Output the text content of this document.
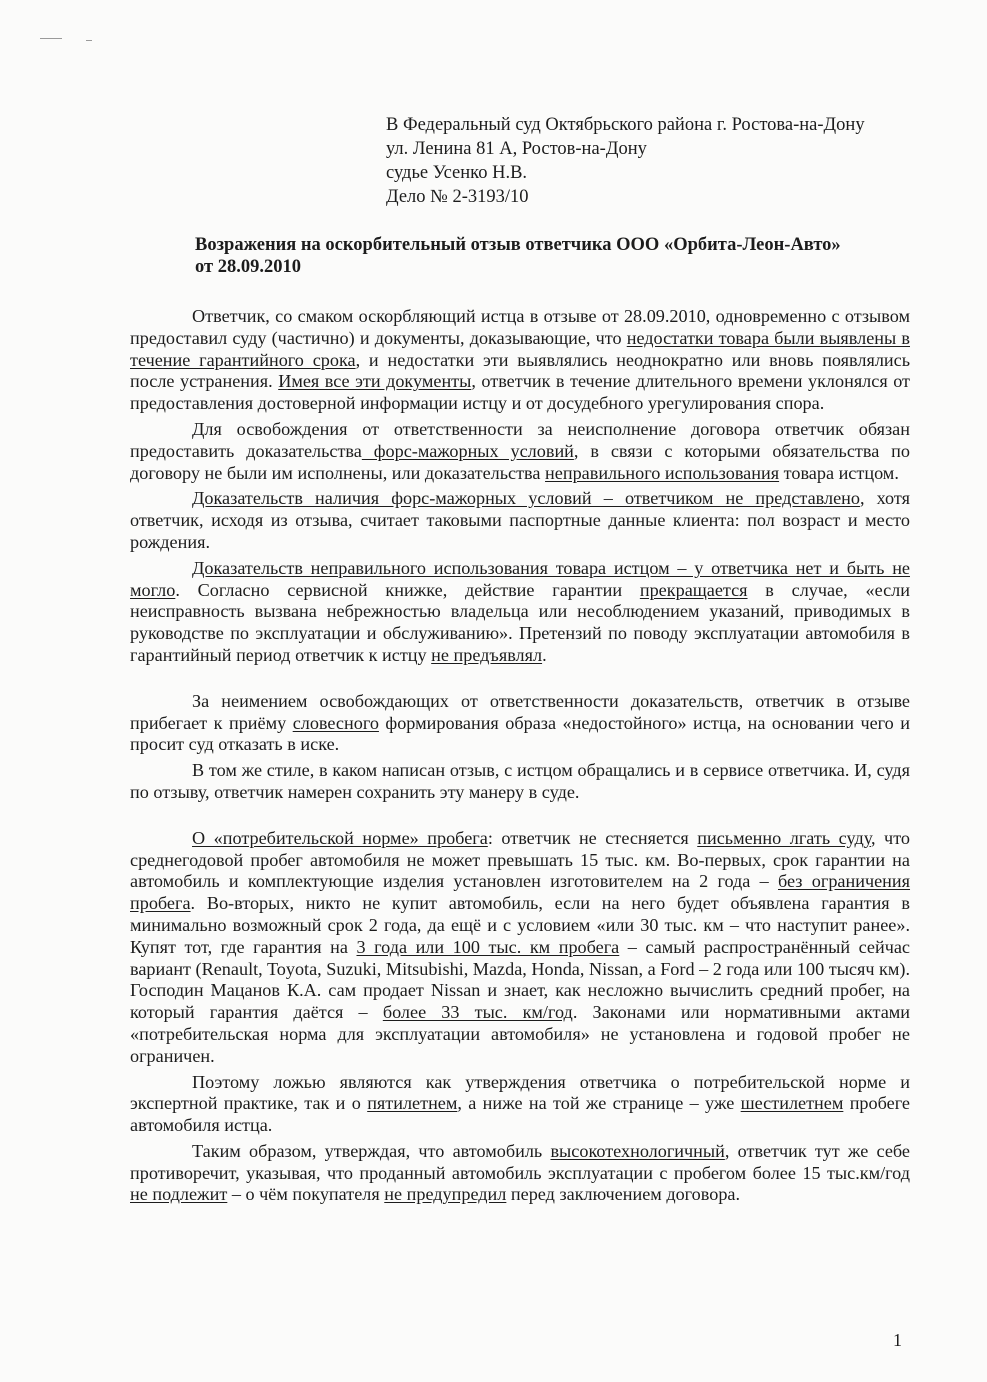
В Федеральный суд Октябрьского района г. Ростова-на-Дону
ул. Ленина 81 А, Ростов-на-Дону
судье Усенко Н.В.
Дело № 2-3193/10
Возражения на оскорбительный отзыв ответчика ООО «Орбита-Леон-Авто»
от 28.09.2010

Ответчик, со смаком оскорбляющий истца в отзыве от 28.09.2010, одновременно с отзывом предоставил суду (частично) и документы, доказывающие, что недостатки товара были выявлены в течение гарантийного срока, и недостатки эти выявлялись неоднократно или вновь появлялись после устранения. Имея все эти документы, ответчик в течение длительного времени уклонялся от предоставления достоверной информации истцу и от досудебного урегулирования спора.

Для освобождения от ответственности за неисполнение договора ответчик обязан предоставить доказательства форс-мажорных условий, в связи с которыми обязательства по договору не были им исполнены, или доказательства неправильного использования товара истцом.

Доказательств наличия форс-мажорных условий – ответчиком не представлено, хотя ответчик, исходя из отзыва, считает таковыми паспортные данные клиента: пол возраст и место рождения.

Доказательств неправильного использования товара истцом – у ответчика нет и быть не могло. Согласно сервисной книжке, действие гарантии прекращается в случае, «если неисправность вызвана небрежностью владельца или несоблюдением указаний, приводимых в руководстве по эксплуатации и обслуживанию». Претензий по поводу эксплуатации автомобиля в гарантийный период ответчик к истцу не предъявлял.

За неимением освобождающих от ответственности доказательств, ответчик в отзыве прибегает к приёму словесного формирования образа «недостойного» истца, на основании чего и просит суд отказать в иске.

В том же стиле, в каком написан отзыв, с истцом обращались и в сервисе ответчика. И, судя по отзыву, ответчик намерен сохранить эту манеру в суде.

О «потребительской норме» пробега: ответчик не стесняется письменно лгать суду, что среднегодовой пробег автомобиля не может превышать 15 тыс. км. Во-первых, срок гарантии на автомобиль и комплектующие изделия установлен изготовителем на 2 года – без ограничения пробега. Во-вторых, никто не купит автомобиль, если на него будет объявлена гарантия в минимально возможный срок 2 года, да ещё и с условием «или 30 тыс. км – что наступит ранее». Купят тот, где гарантия на 3 года или 100 тыс. км пробега – самый распространённый сейчас вариант (Renault, Toyota, Suzuki, Mitsubishi, Mazda, Honda, Nissan, а Ford – 2 года или 100 тысяч км). Господин Мацанов К.А. сам продает Nissan и знает, как несложно вычислить средний пробег, на который гарантия даётся – более 33 тыс. км/год. Законами или нормативными актами «потребительская норма для эксплуатации автомобиля» не установлена и годовой пробег не ограничен.

Поэтому ложью являются как утверждения ответчика о потребительской норме и экспертной практике, так и о пятилетнем, а ниже на той же странице – уже шестилетнем пробеге автомобиля истца.

Таким образом, утверждая, что автомобиль высокотехнологичный, ответчик тут же себе противоречит, указывая, что проданный автомобиль эксплуатации с пробегом более 15 тыс.км/год не подлежит – о чём покупателя не предупредил перед заключением договора.

1
